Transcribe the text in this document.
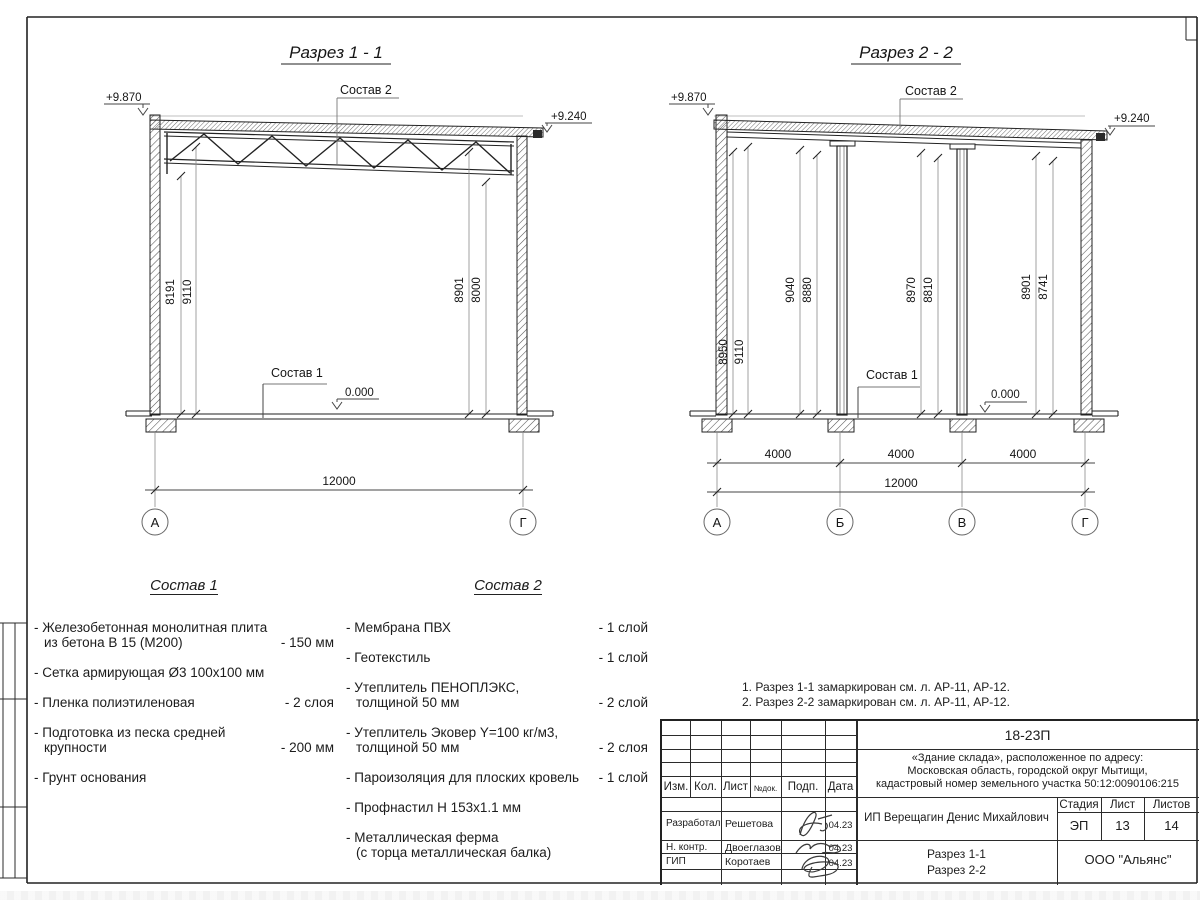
Разрез 1 - 1
8191 9110	8901 8000
+9.870
+9.240
Состав 2
Состав 1
0.000
12000
А	Г
Разрез 2 - 2
8950 9110
9040 8880	8970 8810	8901 8741
+9.870
+9.240
Состав 2
Состав 1
0.000
4000	4000	4000
12000
А	Б	В	Г
Состав 1
- Железобетонная монолитная плита
из бетона В 15 (М200)	- 150 мм
- Сетка армирующая Ø3 100x100 мм
- Пленка полиэтиленовая	- 2 слоя
- Подготовка из песка средней
крупности	- 200 мм
- Грунт основания
Состав 2
- Мембрана ПВХ	- 1 слой
- Геотекстиль	- 1 слой
- Утеплитель ПЕНОПЛЭКС,
толщиной 50 мм	- 2 слой
- Утеплитель Эковер Y=100 кг/м3,
толщиной 50 мм	- 2 слоя
- Пароизоляция для плоских кровель	- 1 слой
- Профнастил Н 153x1.1 мм
- Металлическая ферма
(с торца металлическая балка)
1. Разрез 1-1 замаркирован см. л. АР-11, АР-12.
2. Разрез 2-2 замаркирован см. л. АР-11, АР-12.
Изм. Кол. Лист №док. Подп. Дата
Разработал Решетова	04.23
Н. контр. Двоеглазов	04.23
ГИП	Коротаев	04.23
18-23П
«Здание склада», расположенное по адресу:
Московская область, городской округ Мытищи,
кадастровый номер земельного участка 50:12:0090106:215
ИП Верещагин Денис Михайлович
Разрез 1-1
Разрез 2-2
Стадия Лист	Листов
ЭП	13	14
ООО "Альянс"
